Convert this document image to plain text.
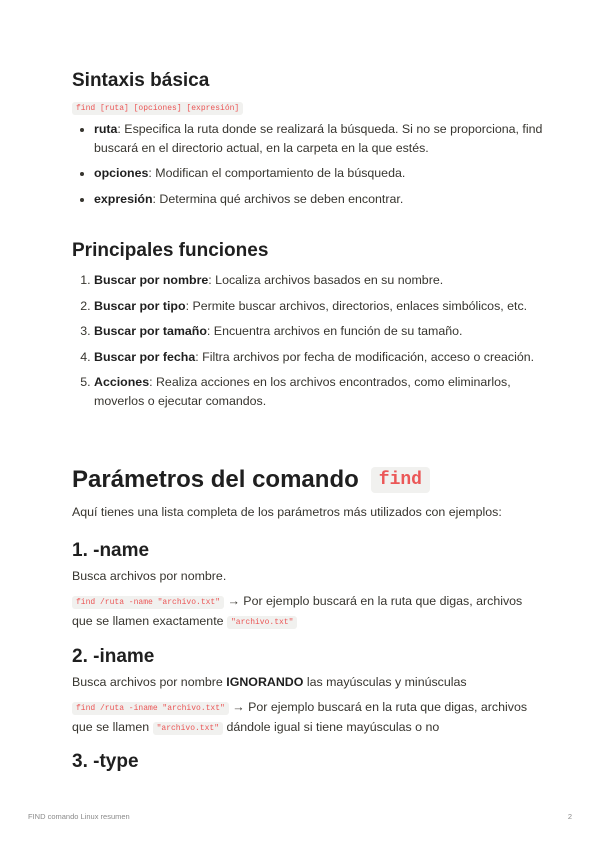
Sintaxis básica
find [ruta] [opciones] [expresión]
• ruta: Especifica la ruta donde se realizará la búsqueda. Si no se proporciona, find buscará en el directorio actual, en la carpeta en la que estés.
• opciones: Modifican el comportamiento de la búsqueda.
• expresión: Determina qué archivos se deben encontrar.
Principales funciones
1. Buscar por nombre: Localiza archivos basados en su nombre.
2. Buscar por tipo: Permite buscar archivos, directorios, enlaces simbólicos, etc.
3. Buscar por tamaño: Encuentra archivos en función de su tamaño.
4. Buscar por fecha: Filtra archivos por fecha de modificación, acceso o creación.
5. Acciones: Realiza acciones en los archivos encontrados, como eliminarlos, moverlos o ejecutar comandos.
Parámetros del comando	find

Aquí tienes una lista completa de los parámetros más utilizados con ejemplos:

1. -name

Busca archivos por nombre.

find /ruta -name "archivo.txt" → Por ejemplo buscará en la ruta que digas, archivos que se llamen exactamente "archivo.txt"

2. -iname

Busca archivos por nombre IGNORANDO las mayúsculas y minúsculas

find /ruta -iname "archivo.txt" → Por ejemplo buscará en la ruta que digas, archivos que se llamen "archivo.txt" dándole igual si tiene mayúsculas o no

3. -type
FIND comando Linux resumen	2
